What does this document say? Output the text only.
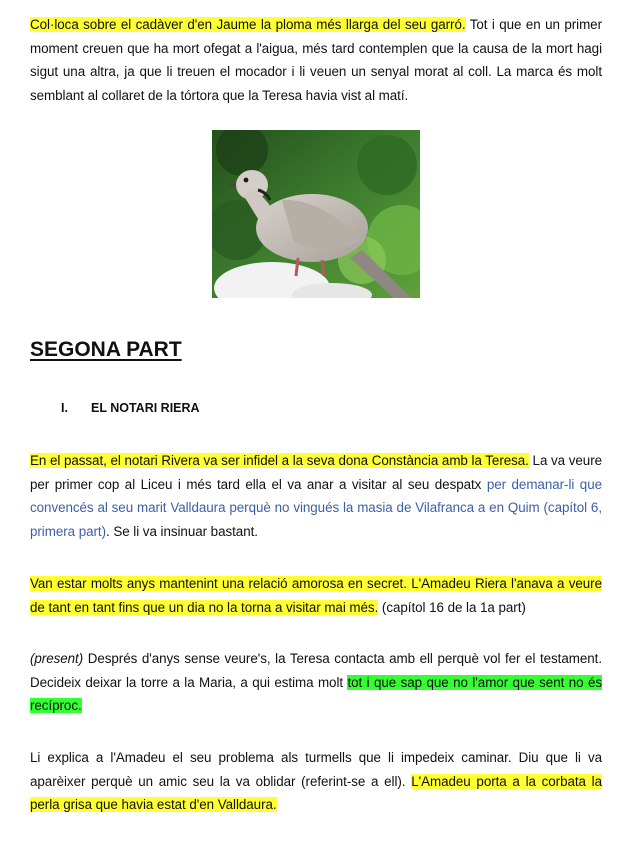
Col·loca sobre el cadàver d'en Jaume la ploma més llarga del seu garró. Tot i que en un primer moment creuen que ha mort ofegat a l'aigua, més tard contemplen que la causa de la mort hagi sigut una altra, ja que li treuen el mocador i li veuen un senyal morat al coll. La marca és molt semblant al collaret de la tórtora que la Teresa havia vist al matí.

SEGONA PART
I. EL NOTARI RIERA

En el passat, el notari Rivera va ser infidel a la seva dona Constància amb la Teresa. La va veure per primer cop al Liceu i més tard ella el va anar a visitar al seu despatx per demanar-li que convencés al seu marit Valldaura perquè no vingués la masia de Vilafranca a en Quim (capítol 6, primera part). Se li va insinuar bastant.

Van estar molts anys mantenint una relació amorosa en secret. L'Amadeu Riera l'anava a veure de tant en tant fins que un dia no la torna a visitar mai més. (capítol 16 de la 1a part)

(present) Després d'anys sense veure's, la Teresa contacta amb ell perquè vol fer el testament. Decideix deixar la torre a la Maria, a qui estima molt tot i que sap que no l'amor que sent no és recíproc.

Li explica a l'Amadeu el seu problema als turmells que li impedeix caminar. Diu que li va aparèixer perquè un amic seu la va oblidar (referint-se a ell). L'Amadeu porta a la corbata la perla grisa que havia estat d'en Valldaura.
